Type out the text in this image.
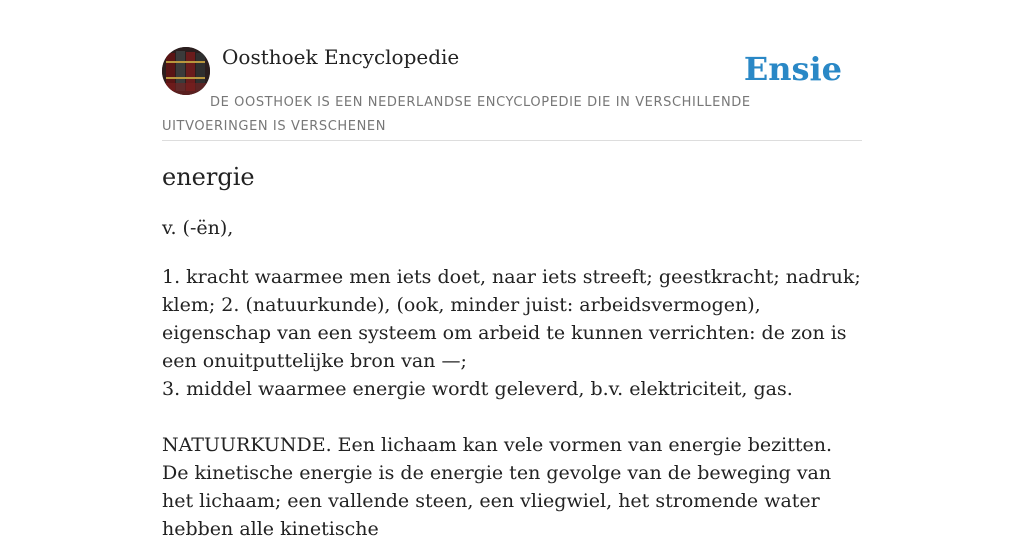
Oosthoek Encyclopedie	Ensie
DE OOSTHOEK IS EEN NEDERLANDSE ENCYCLOPEDIE DIE IN VERSCHILLENDE UITVOERINGEN IS VERSCHENEN
energie
v. (-ën),
1. kracht waarmee men iets doet, naar iets streeft; geestkracht; nadruk; klem; 2. (natuurkunde), (ook, minder juist: arbeidsvermogen), eigenschap van een systeem om arbeid te kunnen verrichten: de zon is een onuitputtelijke bron van —;
3. middel waarmee energie wordt geleverd, b.v. elektriciteit, gas.

NATUURKUNDE. Een lichaam kan vele vormen van energie bezitten. De kinetische energie is de energie ten gevolge van de beweging van het lichaam; een vallende steen, een vliegwiel, het stromende water hebben alle kinetische
